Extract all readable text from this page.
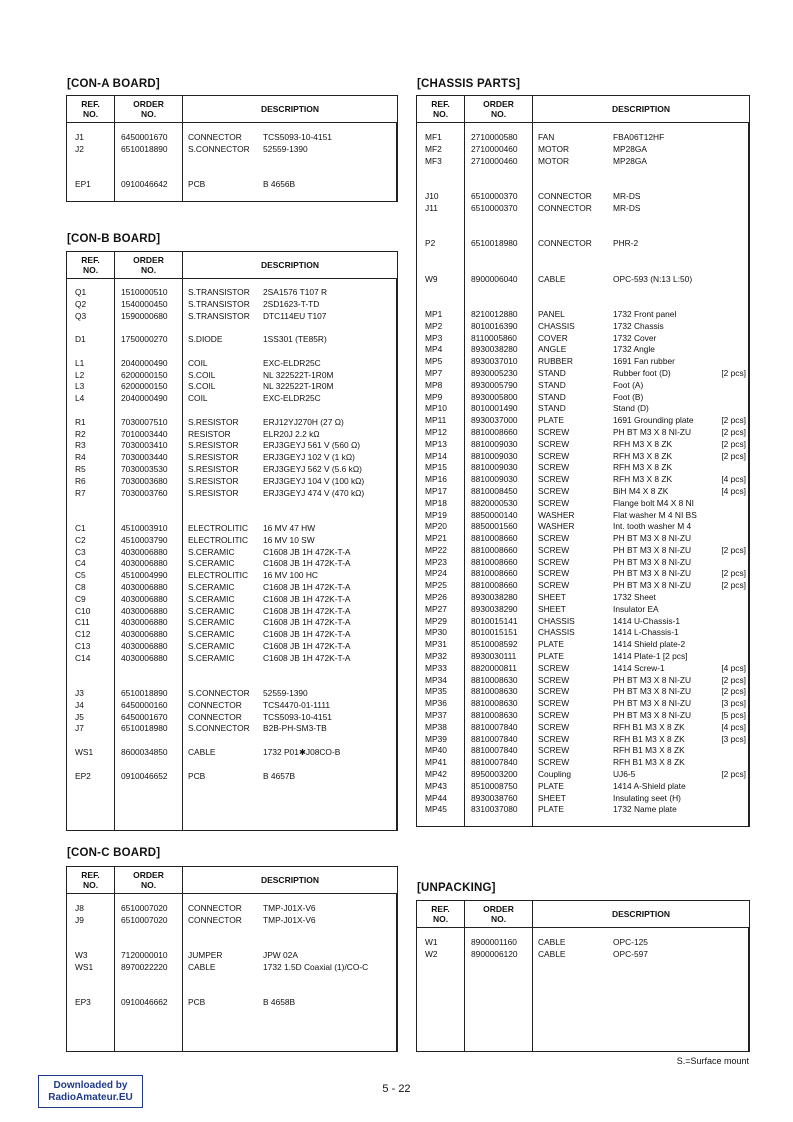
[CON-A BOARD]	[CHASSIS PARTS]
[CON-B BOARD]
[CON-C BOARD]
[UNPACKING]
REF.
NO.
ORDER
NO.	DESCRIPTION
J1	6450001670	CONNECTOR	TCS5093-10-4151
J2	6510018890	S.CONNECTOR	52559-1390
EP1	0910046642	PCB	B 4656B
REF.
NO.
ORDER
NO.	DESCRIPTION
MF1	2710000580	FAN	FBA06T12HF
MF2	2710000460	MOTOR	MP28GA
MF3	2710000460	MOTOR	MP28GA
J10	6510000370	CONNECTOR	MR-DS
J11	6510000370	CONNECTOR	MR-DS
P2	6510018980	CONNECTOR	PHR-2
W9	8900006040	CABLE	OPC-593 (N:13 L:50)
MP1	8210012880	PANEL	1732 Front panel
MP2	8010016390	CHASSIS	1732 Chassis
MP3	8110005860	COVER	1732 Cover
MP4	8930038280	ANGLE	1732 Angle
MP5	8930037010	RUBBER	1691 Fan rubber
MP7	8930005230	STAND	Rubber foot (D)	[2 pcs]
MP8	8930005790	STAND	Foot (A)
MP9	8930005800	STAND	Foot (B)
MP10	8010001490	STAND	Stand (D)
MP11	8930037000	PLATE	1691 Grounding plate	[2 pcs]
MP12	8810008660	SCREW	PH BT M3 X 8 NI-ZU	[2 pcs]
MP13	8810009030	SCREW	RFH M3 X 8 ZK	[2 pcs]
MP14	8810009030	SCREW	RFH M3 X 8 ZK	[2 pcs]
MP15	8810009030	SCREW	RFH M3 X 8 ZK
MP16	8810009030	SCREW	RFH M3 X 8 ZK	[4 pcs]
MP17	8810008450	SCREW	BiH M4 X 8 ZK	[4 pcs]
MP18	8820000530	SCREW	Flange bolt M4 X 8 NI
MP19	8850000140	WASHER	Flat washer M 4 NI BS
MP20	8850001560	WASHER	Int. tooth washer M 4
MP21	8810008660	SCREW	PH BT M3 X 8 NI-ZU
MP22	8810008660	SCREW	PH BT M3 X 8 NI-ZU	[2 pcs]
MP23	8810008660	SCREW	PH BT M3 X 8 NI-ZU
MP24	8810008660	SCREW	PH BT M3 X 8 NI-ZU	[2 pcs]
MP25	8810008660	SCREW	PH BT M3 X 8 NI-ZU	[2 pcs]
MP26	8930038280	SHEET	1732 Sheet
MP27	8930038290	SHEET	Insulator EA
MP29	8010015141	CHASSIS	1414 U-Chassis-1
MP30	8010015151	CHASSIS	1414 L-Chassis-1
MP31	8510008592	PLATE	1414 Shield plate-2
MP32	8930030111	PLATE	1414 Plate-1 [2 pcs]
MP33	8820000811	SCREW	1414 Screw-1	[4 pcs]
MP34	8810008630	SCREW	PH BT M3 X 8 NI-ZU	[2 pcs]
MP35	8810008630	SCREW	PH BT M3 X 8 NI-ZU	[2 pcs]
MP36	8810008630	SCREW	PH BT M3 X 8 NI-ZU	[3 pcs]
MP37	8810008630	SCREW	PH BT M3 X 8 NI-ZU	[5 pcs]
MP38	8810007840	SCREW	RFH B1 M3 X 8 ZK	[4 pcs]
MP39	8810007840	SCREW	RFH B1 M3 X 8 ZK	[3 pcs]
MP40	8810007840	SCREW	RFH B1 M3 X 8 ZK
MP41	8810007840	SCREW	RFH B1 M3 X 8 ZK
MP42	8950003200	Coupling	UJ6-5	[2 pcs]
MP43	8510008750	PLATE	1414 A-Shield plate
MP44	8930038760	SHEET	Insulating seet (H)
MP45	8310037080	PLATE	1732 Name plate
REF.
NO.
ORDER
NO.	DESCRIPTION
Q1	1510000510	S.TRANSISTOR	2SA1576 T107 R
Q2	1540000450	S.TRANSISTOR	2SD1623-T-TD
Q3	1590000680	S.TRANSISTOR	DTC114EU T107
D1	1750000270	S.DIODE	1SS301 (TE85R)
L1	2040000490	COIL	EXC-ELDR25C
L2	6200000150	S.COIL	NL 322522T-1R0M
L3	6200000150	S.COIL	NL 322522T-1R0M
L4	2040000490	COIL	EXC-ELDR25C
R1	7030007510	S.RESISTOR	ERJ12YJ270H (27 Ω)
R2	7010003440	RESISTOR	ELR20J 2.2 kΩ
R3	7030003410	S.RESISTOR	ERJ3GEYJ 561 V (560 Ω)
R4	7030003440	S.RESISTOR	ERJ3GEYJ 102 V (1 kΩ)
R5	7030003530	S.RESISTOR	ERJ3GEYJ 562 V (5.6 kΩ)
R6	7030003680	S.RESISTOR	ERJ3GEYJ 104 V (100 kΩ)
R7	7030003760	S.RESISTOR	ERJ3GEYJ 474 V (470 kΩ)
C1	4510003910	ELECTROLITIC	16 MV 47 HW
C2	4510003790	ELECTROLITIC	16 MV 10 SW
C3	4030006880	S.CERAMIC	C1608 JB 1H 472K-T-A
C4	4030006880	S.CERAMIC	C1608 JB 1H 472K-T-A
C5	4510004990	ELECTROLITIC	16 MV 100 HC
C8	4030006880	S.CERAMIC	C1608 JB 1H 472K-T-A
C9	4030006880	S.CERAMIC	C1608 JB 1H 472K-T-A
C10	4030006880	S.CERAMIC	C1608 JB 1H 472K-T-A
C11	4030006880	S.CERAMIC	C1608 JB 1H 472K-T-A
C12	4030006880	S.CERAMIC	C1608 JB 1H 472K-T-A
C13	4030006880	S.CERAMIC	C1608 JB 1H 472K-T-A
C14	4030006880	S.CERAMIC	C1608 JB 1H 472K-T-A
J3	6510018890	S.CONNECTOR	52559-1390
J4	6450000160	CONNECTOR	TCS4470-01-1111
J5	6450001670	CONNECTOR	TCS5093-10-4151
J7	6510018980	S.CONNECTOR	B2B-PH-SM3-TB
WS1	8600034850	CABLE	1732 P01✱J08CO-B
EP2	0910046652	PCB	B 4657B
REF.
NO.
ORDER
NO.	DESCRIPTION
J8	6510007020	CONNECTOR	TMP-J01X-V6
J9	6510007020	CONNECTOR	TMP-J01X-V6
W3	7120000010	JUMPER	JPW 02A
WS1	8970022220	CABLE	1732 1.5D Coaxial (1)/CO-C
EP3	0910046662	PCB	B 4658B
REF.
NO.
ORDER
NO.	DESCRIPTION
W1	8900001160	CABLE	OPC-125
W2	8900006120	CABLE	OPC-597
S.=Surface mount
5 - 22
Downloaded by
RadioAmateur.EU
